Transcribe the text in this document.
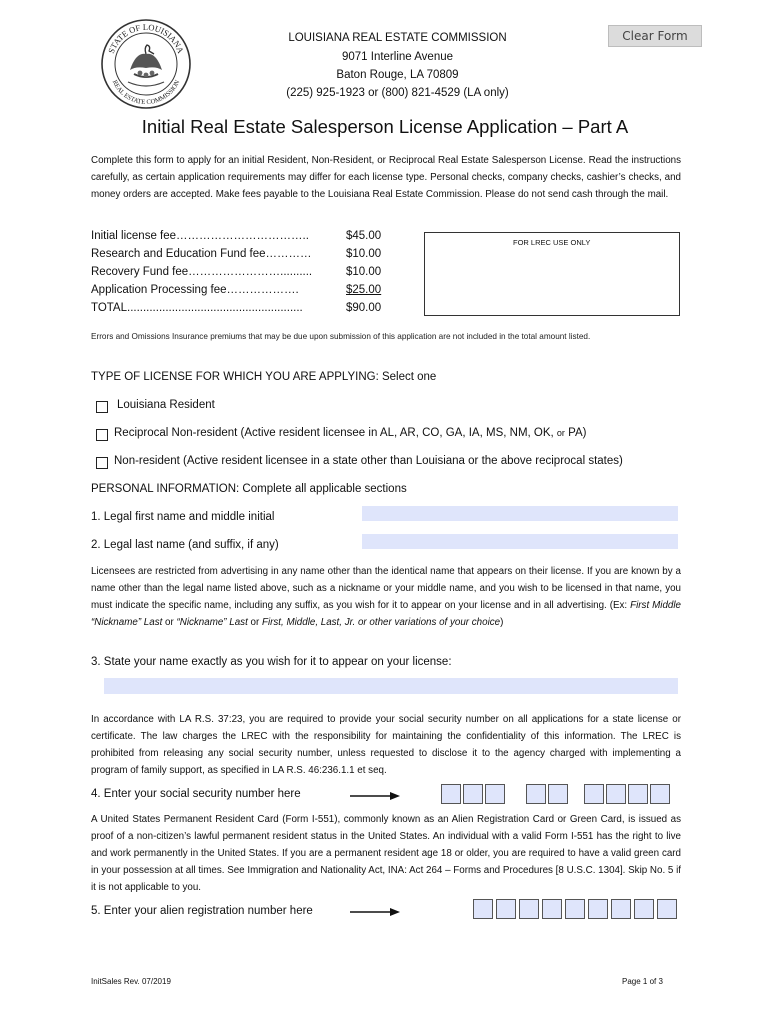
STATE OF LOUISIANA
REAL ESTATE COMMISSION
LOUISIANA REAL ESTATE COMMISSION
9071 Interline Avenue
Baton Rouge, LA 70809
(225) 925-1923 or (800) 821-4529 (LA only)
Clear Form
Initial Real Estate Salesperson License Application – Part A
Complete this form to apply for an initial Resident, Non-Resident, or Reciprocal Real Estate Salesperson License. Read the instructions carefully, as certain application requirements may differ for each license type. Personal checks, company checks, cashier’s checks, and money orders are accepted. Make fees payable to the Louisiana Real Estate Commission. Please do not send cash through the mail.
Initial license fee……………………………..	$45.00
Research and Education Fund fee…………	$10.00
Recovery Fund fee……………………..........	$10.00
Application Processing fee……………….	$25.00
TOTAL.......................................................	$90.00
FOR LREC USE ONLY
Errors and Omissions Insurance premiums that may be due upon submission of this application are not included in the total amount listed.
TYPE OF LICENSE FOR WHICH YOU ARE APPLYING: Select one
Louisiana Resident
Reciprocal Non-resident (Active resident licensee in AL, AR, CO, GA, IA, MS, NM, OK, or PA)
Non-resident (Active resident licensee in a state other than Louisiana or the above reciprocal states)
PERSONAL INFORMATION: Complete all applicable sections
1. Legal first name and middle initial
2. Legal last name (and suffix, if any)
Licensees are restricted from advertising in any name other than the identical name that appears on their license. If you are known by a name other than the legal name listed above, such as a nickname or your middle name, and you wish to be licensed in that name, you must indicate the specific name, including any suffix, as you wish for it to appear on your license and in all advertising. (Ex: First Middle “Nickname” Last or “Nickname” Last or First, Middle, Last, Jr. or other variations of your choice)
3. State your name exactly as you wish for it to appear on your license:
In accordance with LA R.S. 37:23, you are required to provide your social security number on all applications for a state license or certificate. The law charges the LREC with the responsibility for maintaining the confidentiality of this information. The LREC is prohibited from releasing any social security number, unless requested to disclose it to the agency charged with implementing a program of family support, as specified in LA R.S. 46:236.1.1 et seq.
4. Enter your social security number here
A United States Permanent Resident Card (Form I-551), commonly known as an Alien Registration Card or Green Card, is issued as proof of a non-citizen’s lawful permanent resident status in the United States. An individual with a valid Form I-551 has the right to live and work permanently in the United States. If you are a permanent resident age 18 or older, you are required to have a valid green card in your possession at all times. See Immigration and Nationality Act, INA: Act 264 – Forms and Procedures [8 U.S.C. 1304]. Skip No. 5 if it is not applicable to you.
5. Enter your alien registration number here
InitSales Rev. 07/2019	Page 1 of 3
